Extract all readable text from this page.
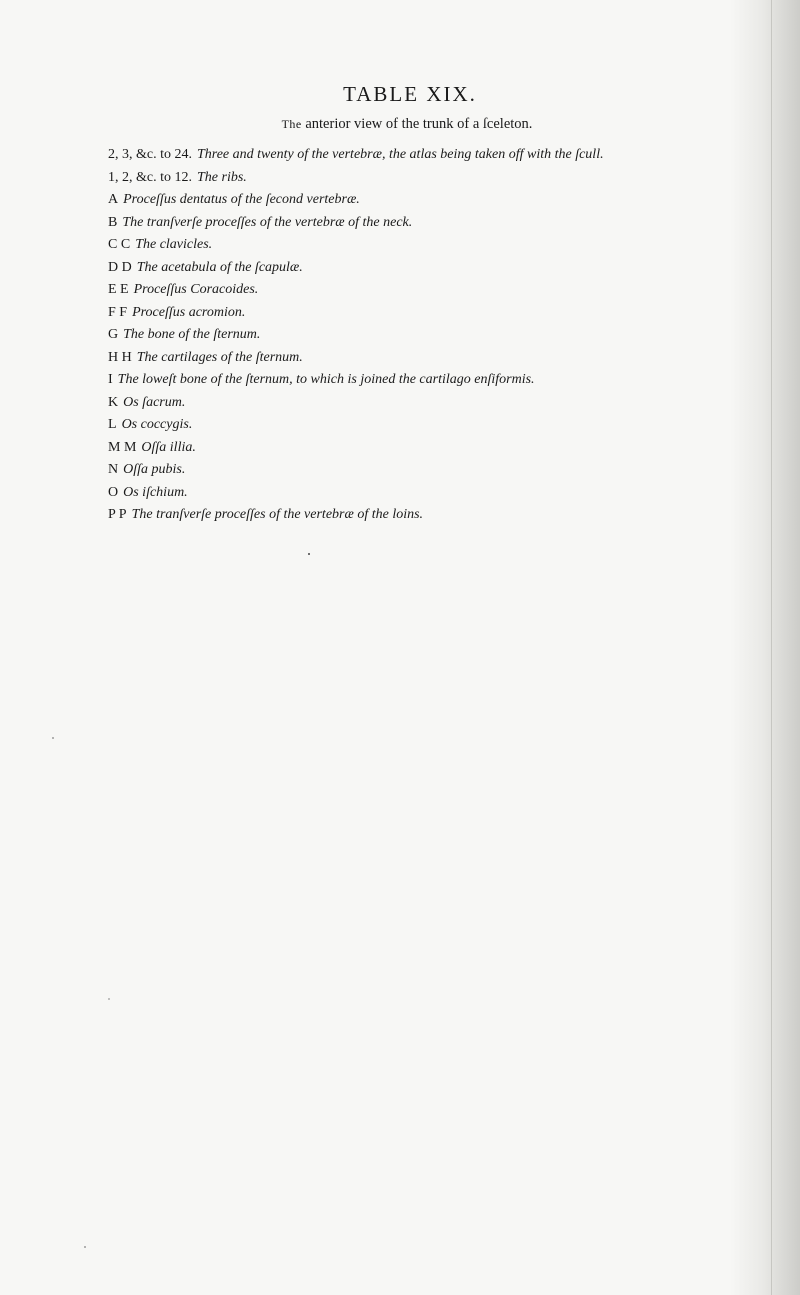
TABLE XIX.

The anterior view of the trunk of a ſceleton.

2, 3, &c. to 24. Three and twenty of the vertebræ, the atlas being taken off with the ſcull.
1, 2, &c. to 12. The ribs.
A Proceſſus dentatus of the ſecond vertebræ.
B The tranſverſe proceſſes of the vertebræ of the neck.
C C The clavicles.
D D The acetabula of the ſcapulæ.
E E Proceſſus Coracoides.
F F Proceſſus acromion.
G The bone of the ſternum.
H H The cartilages of the ſternum.
I The loweſt bone of the ſternum, to which is joined the cartilago enſiformis.
K Os ſacrum.
L Os coccygis.
M M Oſſa illia.
N Oſſa pubis.
O Os iſchium.
P P The tranſverſe proceſſes of the vertebræ of the loins.
